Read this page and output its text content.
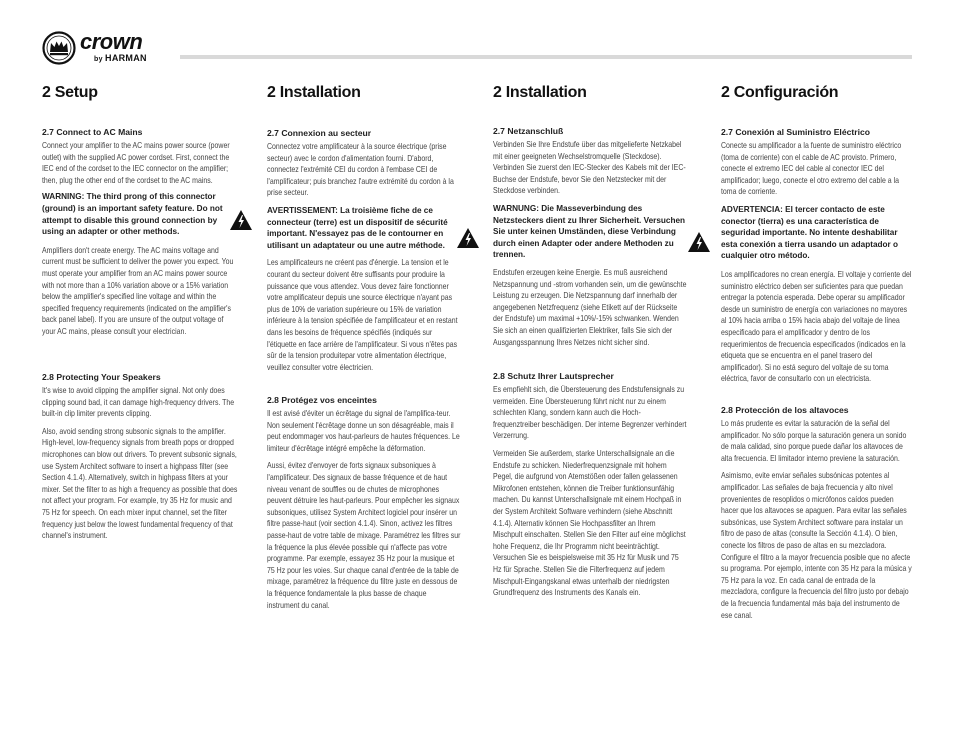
crown
by HARMAN
2 Setup

2.7 Connect to AC Mains

Connect your amplifier to the AC mains power source (power outlet) with the supplied AC power cordset. First, connect the IEC end of the cordset to the IEC connector on the amplifier; then, plug the other end of the cordset to the AC mains.

WARNING: The third prong of this connector (ground) is an important safety feature. Do not attempt to disable this ground connection by using an adapter or other methods.

Amplifiers don't create energy. The AC mains voltage and current must be sufficient to deliver the power you expect. You must operate your amplifier from an AC mains power source with not more than a 10% variation above or a 15% variation below the amplifier's specified line voltage and within the specified frequency requirements (indicated on the amplifier's back panel label). If you are unsure of the output voltage of your AC mains, please consult your electrician.

2.8 Protecting Your Speakers

It's wise to avoid clipping the amplifier signal. Not only does clipping sound bad, it can damage high-frequency drivers. The built-in clip limiter prevents clipping.

Also, avoid sending strong subsonic signals to the amplifier. High-level, low-frequency signals from breath pops or dropped microphones can blow out drivers. To prevent subsonic signals, use System Architect software to insert a highpass filter (see Section 4.1.4). Alternatively, switch in highpass filters at your mixer. Set the filter to as high a frequency as possible that does not affect your program. For example, try 35 Hz for music and 75 Hz for speech. On each mixer input channel, set the filter frequency just below the lowest fundamental frequency of that channel's instrument.

2 Installation

2.7 Connexion au secteur

Connectez votre amplificateur à la source électrique (prise secteur) avec le cordon d'alimentation fourni. D'abord, connectez l'extrémité CEI du cordon à l'embase CEI de l'amplificateur; puis branchez l'autre extrémité du cordon à la prise secteur.

AVERTISSEMENT: La troisième fiche de ce connecteur (terre) est un dispositif de sécurité important. N'essayez pas de le contourner en utilisant un adaptateur ou une autre méthode.

Les amplificateurs ne créent pas d'énergie. La tension et le courant du secteur doivent être suffisants pour produire la puissance que vous attendez. Vous devez faire fonctionner votre amplificateur depuis une source électrique n'ayant pas plus de 10% de variation supérieure ou 15% de variation inférieure à la tension spécifiée de l'amplificateur et en restant dans les besoins de fréquence spécifiés (indiqués sur l'étiquette en face arrière de l'amplificateur. Si vous n'êtes pas sûr de la tension produitepar votre alimentation électrique, veuillez consulter votre électricien.

2.8 Protégez vos enceintes

Il est avisé d'éviter un écrêtage du signal de l'amplifica-teur. Non seulement l'écrêtage donne un son désagréable, mais il peut endommager vos haut-parleurs de hautes fréquences. Le limiteur d'écrêtage intégré empêche la déformation.

Aussi, évitez d'envoyer de forts signaux subsoniques à l'amplificateur. Des signaux de basse fréquence et de haut niveau venant de souffles ou de chutes de microphones peuvent détruire les haut-parleurs. Pour empêcher les signaux subsoniques, utilisez System Architect logiciel pour insérer un filtre passe-haut (voir section 4.1.4). Sinon, activez les filtres passe-haut de votre table de mixage. Paramétrez les filtres sur la fréquence la plus élevée possible qui n'affecte pas votre programme. Par exemple, essayez 35 Hz pour la musique et 75 Hz pour les voies. Sur chaque canal d'entrée de la table de mixage, paramétrez la fréquence du filtre juste en dessous de la fréquence fondamentale la plus basse de chaque instrument du canal.

2 Installation

2.7 Netzanschluß

Verbinden Sie Ihre Endstufe über das mitgelieferte Netzkabel mit einer geeigneten Wechselstromquelle (Steckdose). Verbinden Sie zuerst den IEC-Stecker des Kabels mit der IEC-Buchse der Endstufe, bevor Sie den Netzstecker mit der Steckdose verbinden.

WARNUNG: Die Masseverbindung des Netzsteckers dient zu Ihrer Sicherheit. Versuchen Sie unter keinen Umständen, diese Verbindung durch einen Adapter oder andere Methoden zu trennen.

Endstufen erzeugen keine Energie. Es muß ausreichend Netzspannung und -strom vorhanden sein, um die gewünschte Leistung zu erzeugen. Die Netzspannung darf innerhalb der angegebenen Netzfrequenz (siehe Etikett auf der Rückseite der Endstufe) um maximal +10%/-15% schwanken. Wenden Sie sich an einen qualifizierten Elektriker, falls Sie sich der Ausgangsspannung Ihres Netzes nicht sicher sind.

2.8 Schutz Ihrer Lautsprecher

Es empfiehlt sich, die Übersteuerung des Endstufensignals zu vermeiden. Eine Übersteuerung führt nicht nur zu einem schlechten Klang, sondern kann auch die Hoch-frequenztreiber beschädigen. Der interne Begrenzer verhindert Verzerrung.

Vermeiden Sie außerdem, starke Unterschallsignale an die Endstufe zu schicken. Niederfrequenzsignale mit hohem Pegel, die aufgrund von Atemstößen oder fallen gelassenen Mikrofonen entstehen, können die Treiber funktionsunfähig machen. Du kannst Unterschallsignale mit einem Hochpaß in der System Architekt Software verhindern (siehe Abschnitt 4.1.4). Alternativ können Sie Hochpassfilter an Ihrem Mischpult einschalten. Stellen Sie den Filter auf eine möglichst hohe Frequenz, die Ihr Programm nicht beeinträchtigt. Versuchen Sie es beispielsweise mit 35 Hz für Musik und 75 Hz für Sprache. Stellen Sie die Filterfrequenz auf jedem Mischpult-Eingangskanal etwas unterhalb der niedrigsten Grundfrequenz des Instruments des Kanals ein.

2 Configuración

2.7 Conexión al Suministro Eléctrico

Conecte su amplificador a la fuente de suministro eléctrico (toma de corriente) con el cable de AC provisto. Primero, conecte el extremo IEC del cable al conector IEC del amplificador; luego, conecte el otro extremo del cable a la toma de corriente.

ADVERTENCIA: El tercer contacto de este conector (tierra) es una característica de seguridad importante. No intente deshabilitar esta conexión a tierra usando un adaptador o cualquier otro método.

Los amplificadores no crean energía. El voltaje y corriente del suministro eléctrico deben ser suficientes para que puedan entregar la potencia esperada. Debe operar su amplificador desde un suministro de energía con variaciones no mayores al 10% hacia arriba o 15% hacia abajo del voltaje de línea especificado para el amplificador y dentro de los requerimientos de frecuencia especificados (indicados en la etiqueta que se encuentra en el panel trasero del amplificador). Si no está seguro del voltaje de su toma eléctrica, favor de consultarlo con un electricista.

2.8 Protección de los altavoces

Lo más prudente es evitar la saturación de la señal del amplificador. No sólo porque la saturación genera un sonido de mala calidad, sino porque puede dañar los altavoces de alta frecuencia. El limitador interno previene la saturación.

Asimismo, evite enviar señales subsónicas potentes al amplificador. Las señales de baja frecuencia y alto nivel provenientes de resoplidos o micrófonos caídos pueden hacer que los altavoces se apaguen. Para evitar las señales subsónicas, use System Architect software para instalar un filtro de paso de altas (consulte la Sección 4.1.4). O bien, conecte los filtros de paso de altas en su mezcladora. Configure el filtro a la mayor frecuencia posible que no afecte su programa. Por ejemplo, intente con 35 Hz para la música y 75 Hz para la voz. En cada canal de entrada de la mezcladora, configure la frecuencia del filtro justo por debajo de la frecuencia fundamental más baja del instrumento de ese canal.
